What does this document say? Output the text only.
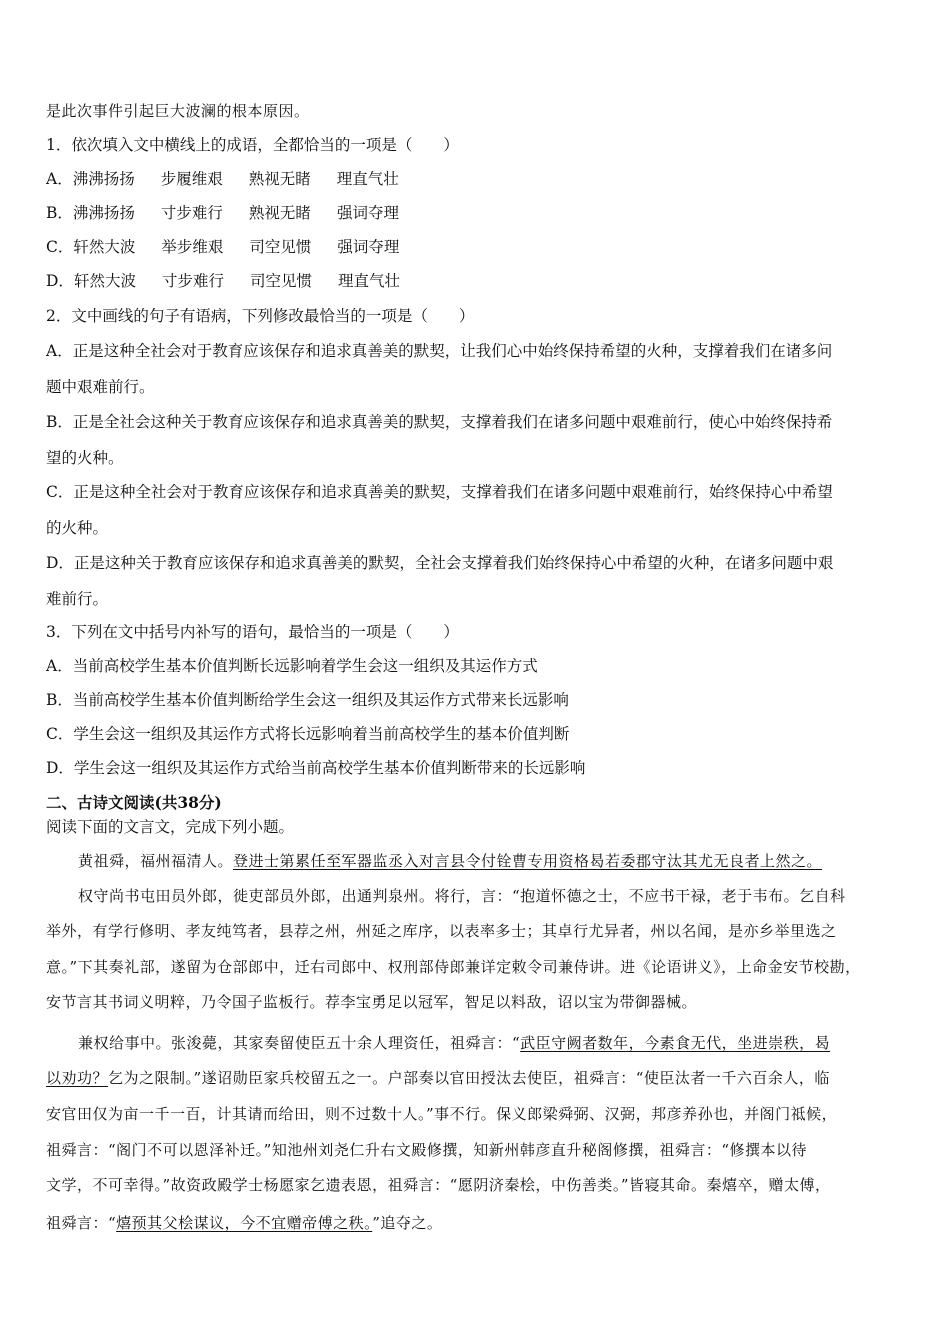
是此次事件引起巨大波澜的根本原因。
1．依次填入文中横线上的成语，全都恰当的一项是（　　）
A．沸沸扬扬 步履维艰 熟视无睹 理直气壮
B．沸沸扬扬 寸步难行 熟视无睹 强词夺理
C．轩然大波 举步维艰 司空见惯 强词夺理
D．轩然大波 寸步难行 司空见惯 理直气壮
2．文中画线的句子有语病，下列修改最恰当的一项是（　　）
A．正是这种全社会对于教育应该保存和追求真善美的默契，让我们心中始终保持希望的火种，支撑着我们在诸多问
题中艰难前行。
B．正是全社会这种关于教育应该保存和追求真善美的默契，支撑着我们在诸多问题中艰难前行，使心中始终保持希
望的火种。
C．正是这种全社会对于教育应该保存和追求真善美的默契，支撑着我们在诸多问题中艰难前行，始终保持心中希望
的火种。
D．正是这种关于教育应该保存和追求真善美的默契，全社会支撑着我们始终保持心中希望的火种，在诸多问题中艰
难前行。
3．下列在文中括号内补写的语句，最恰当的一项是（　　）
A．当前高校学生基本价值判断长远影响着学生会这一组织及其运作方式
B．当前高校学生基本价值判断给学生会这一组织及其运作方式带来长远影响
C．学生会这一组织及其运作方式将长远影响着当前高校学生的基本价值判断
D．学生会这一组织及其运作方式给当前高校学生基本价值判断带来的长远影响
二、古诗文阅读(共38分)
阅读下面的文言文，完成下列小题。
黄祖舜，福州福清人。登进士第累任至军器监丞入对言县令付铨曹专用资格曷若委郡守汰其尤无良者上然之。
权守尚书屯田员外郎，徙吏部员外郎，出通判泉州。将行，言：“抱道怀德之士，不应书干禄，老于韦布。乞自科
举外，有学行修明、孝友纯笃者，县荐之州，州延之库序，以表率多士；其卓行尤异者，州以名闻，是亦乡举里选之
意。”下其奏礼部，遂留为仓部郎中，迁右司郎中、权刑部侍郎兼详定敕令司兼侍讲。进《论语讲义》，上命金安节校勘，
安节言其书词义明粹，乃令国子监板行。荐李宝勇足以冠军，智足以料敌，诏以宝为带御器械。
兼权给事中。张浚薨，其家奏留使臣五十余人理资任，祖舜言：“武臣守阙者数年，今素食无代，坐进崇秩，曷
以劝功？乞为之限制。”遂诏勋臣家兵校留五之一。户部奏以官田授汰去使臣，祖舜言：“使臣汰者一千六百余人，临
安官田仅为亩一千一百，计其请而给田，则不过数十人。”事不行。保义郎梁舜弼、汉弼，邦彦养孙也，并阁门祗候，
祖舜言：“阁门不可以恩泽补迁。”知池州刘尧仁升右文殿修撰，知新州韩彦直升秘阁修撰，祖舜言：“修撰本以待
文学，不可幸得。”故资政殿学士杨愿家乞遗表恩，祖舜言：“愿阴济秦桧，中伤善类。”皆寝其命。秦熺卒，赠太傅，
祖舜言：“熺预其父桧谋议，今不宜赠帝傅之秩。”追夺之。
